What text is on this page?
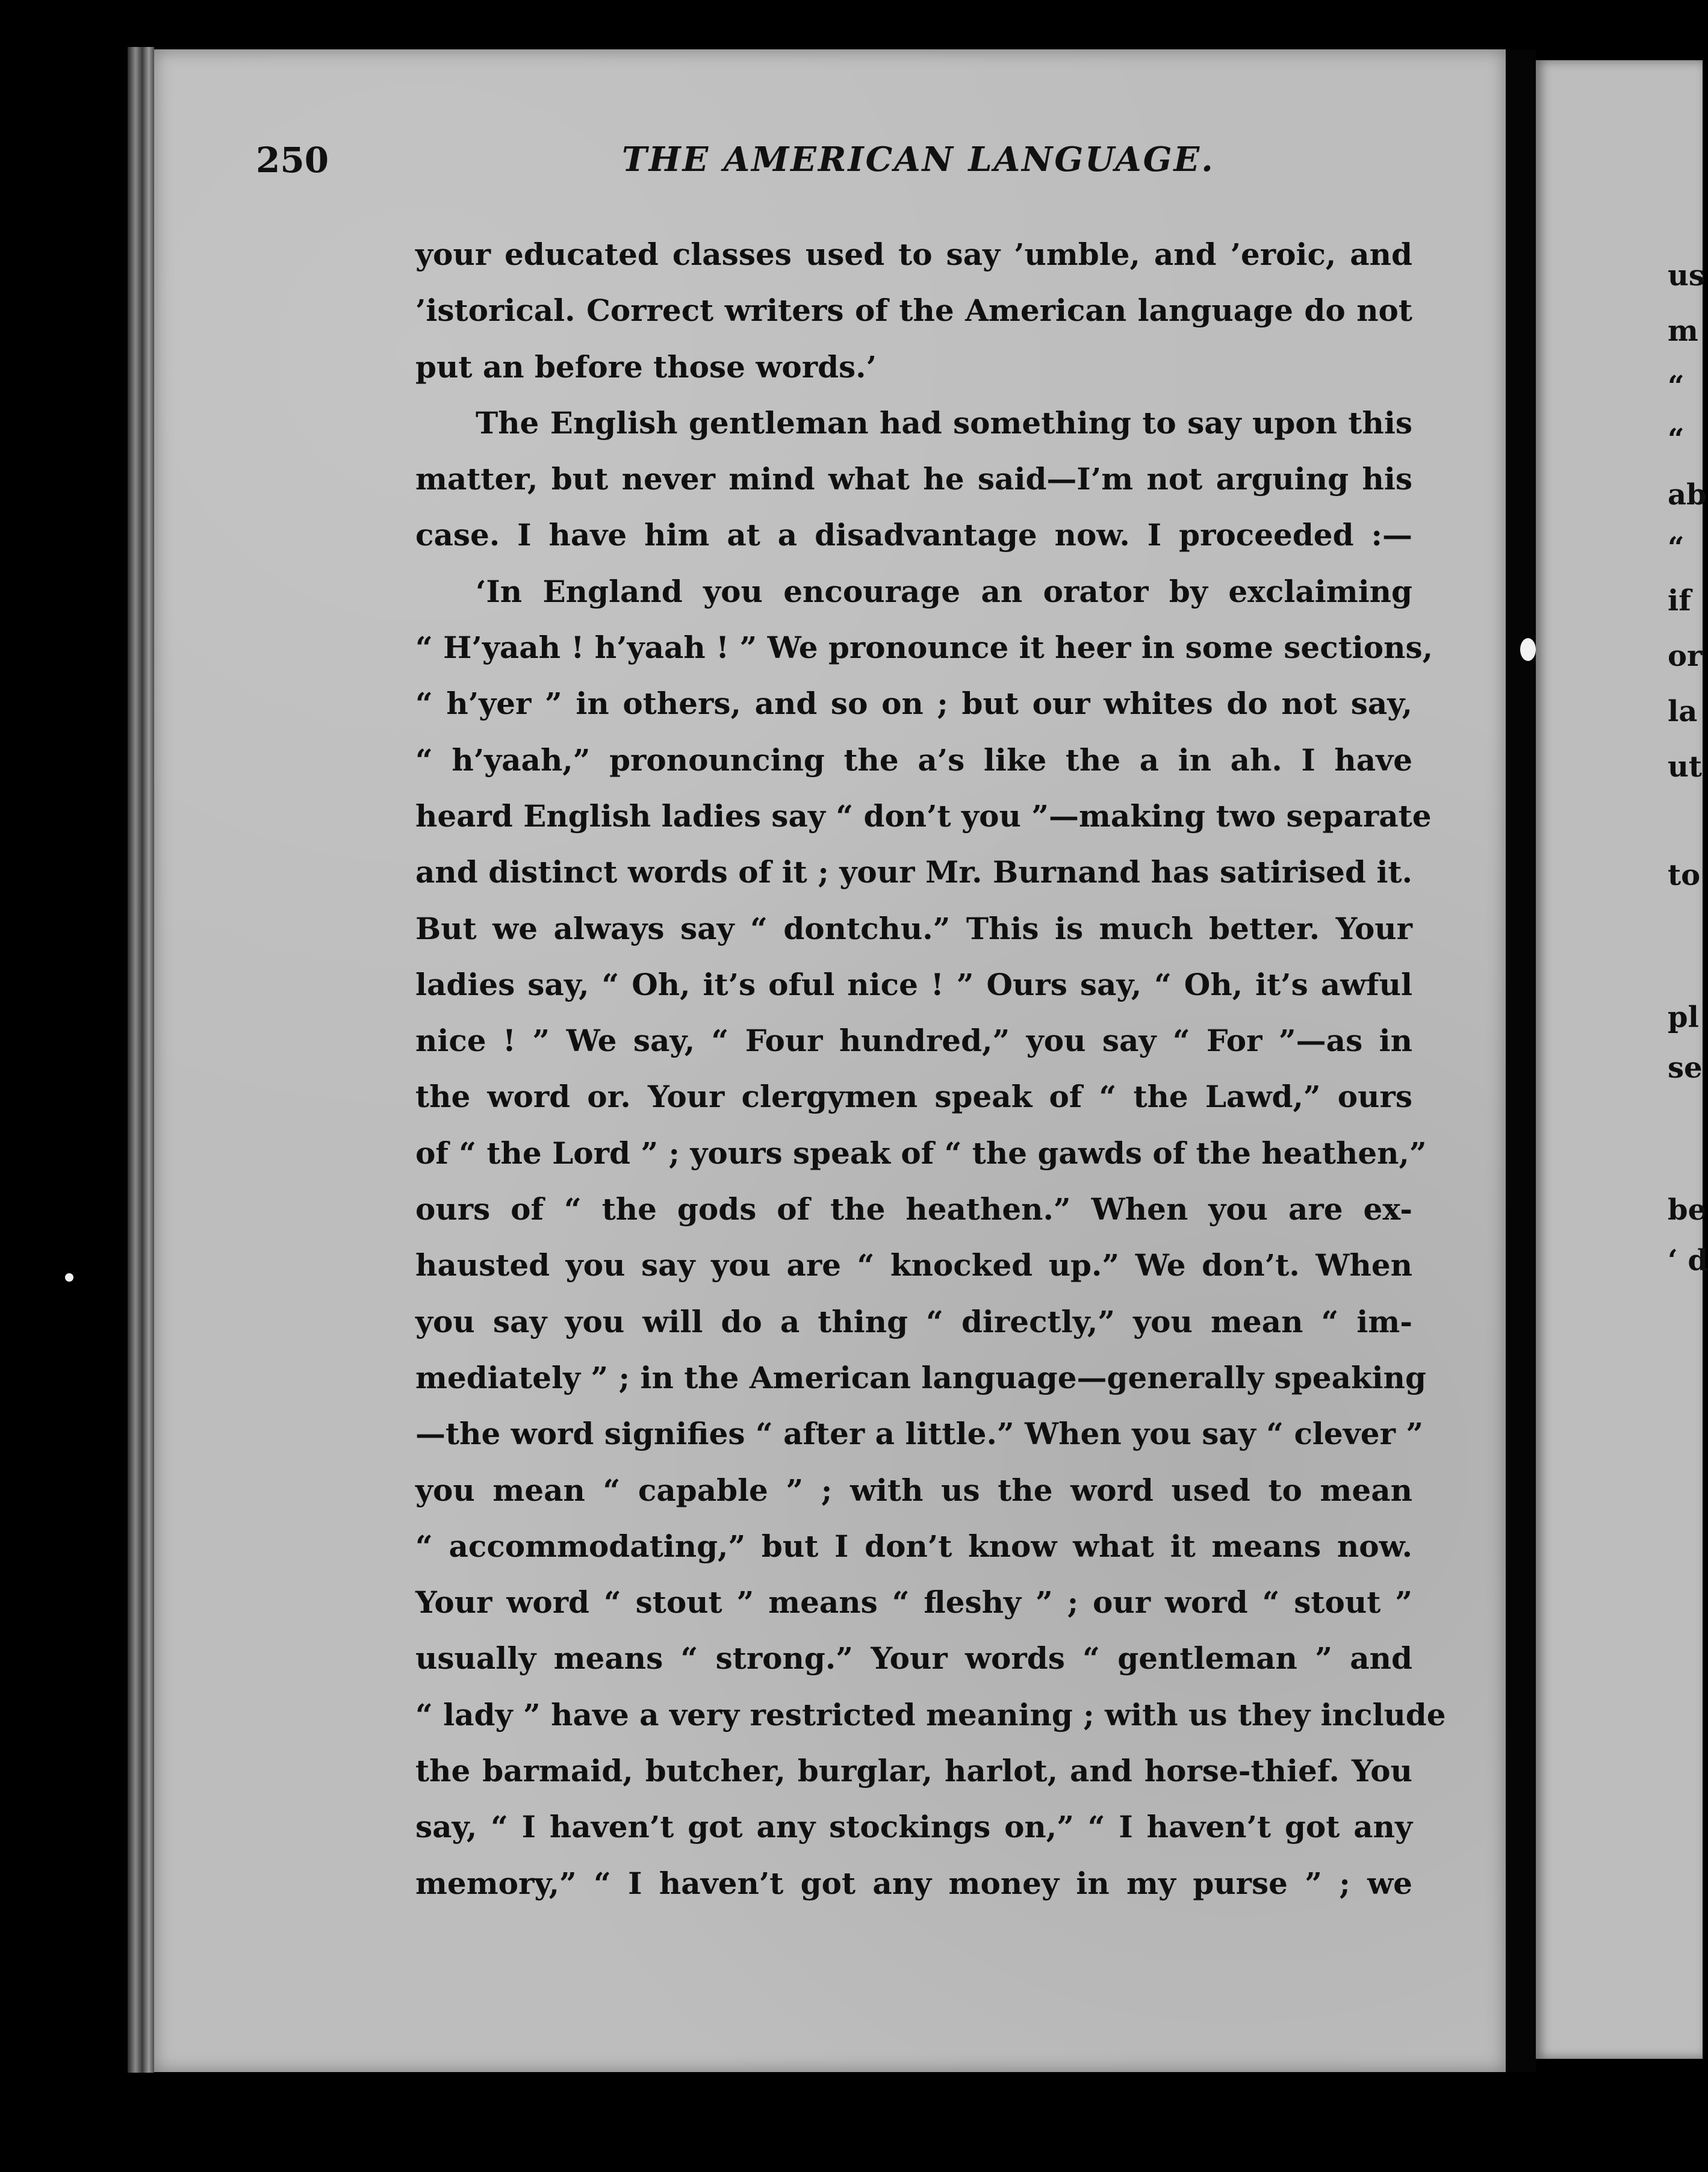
250	THE AMERICAN LANGUAGE.
your educated classes used to say ’umble, and ’eroic, and
’istorical. Correct writers of the American language do not
put an before those words.’
The English gentleman had something to say upon this
matter, but never mind what he said—I’m not arguing his
case. I have him at a disadvantage now. I proceeded :—
‘In England you encourage an orator by exclaiming
“ H’yaah ! h’yaah ! ” We pronounce it heer in some sections,
“ h’yer ” in others, and so on ; but our whites do not say,
“ h’yaah,” pronouncing the a’s like the a in ah. I have
heard English ladies say “ don’t you ”—making two separate
and distinct words of it ; your Mr. Burnand has satirised it.
But we always say “ dontchu.” This is much better. Your
ladies say, “ Oh, it’s oful nice ! ” Ours say, “ Oh, it’s awful
nice ! ” We say, “ Four hundred,” you say “ For ”—as in
the word or. Your clergymen speak of “ the Lawd,” ours
of “ the Lord ” ; yours speak of “ the gawds of the heathen,”
ours of “ the gods of the heathen.” When you are ex-
hausted you say you are “ knocked up.” We don’t. When
you say you will do a thing “ directly,” you mean “ im-
mediately ” ; in the American language—generally speaking
—the word signifies “ after a little.” When you say “ clever ”
you mean “ capable ” ; with us the word used to mean
“ accommodating,” but I don’t know what it means now.
Your word “ stout ” means “ fleshy ” ; our word “ stout ”
usually means “ strong.” Your words “ gentleman ” and
“ lady ” have a very restricted meaning ; with us they include
the barmaid, butcher, burglar, harlot, and horse-thief. You
say, “ I haven’t got any stockings on,” “ I haven’t got any
memory,” “ I haven’t got any money in my purse ” ; we
us
m
“
“
ab
“
if
or
la
ut
to
pl
se
be
‘ d
